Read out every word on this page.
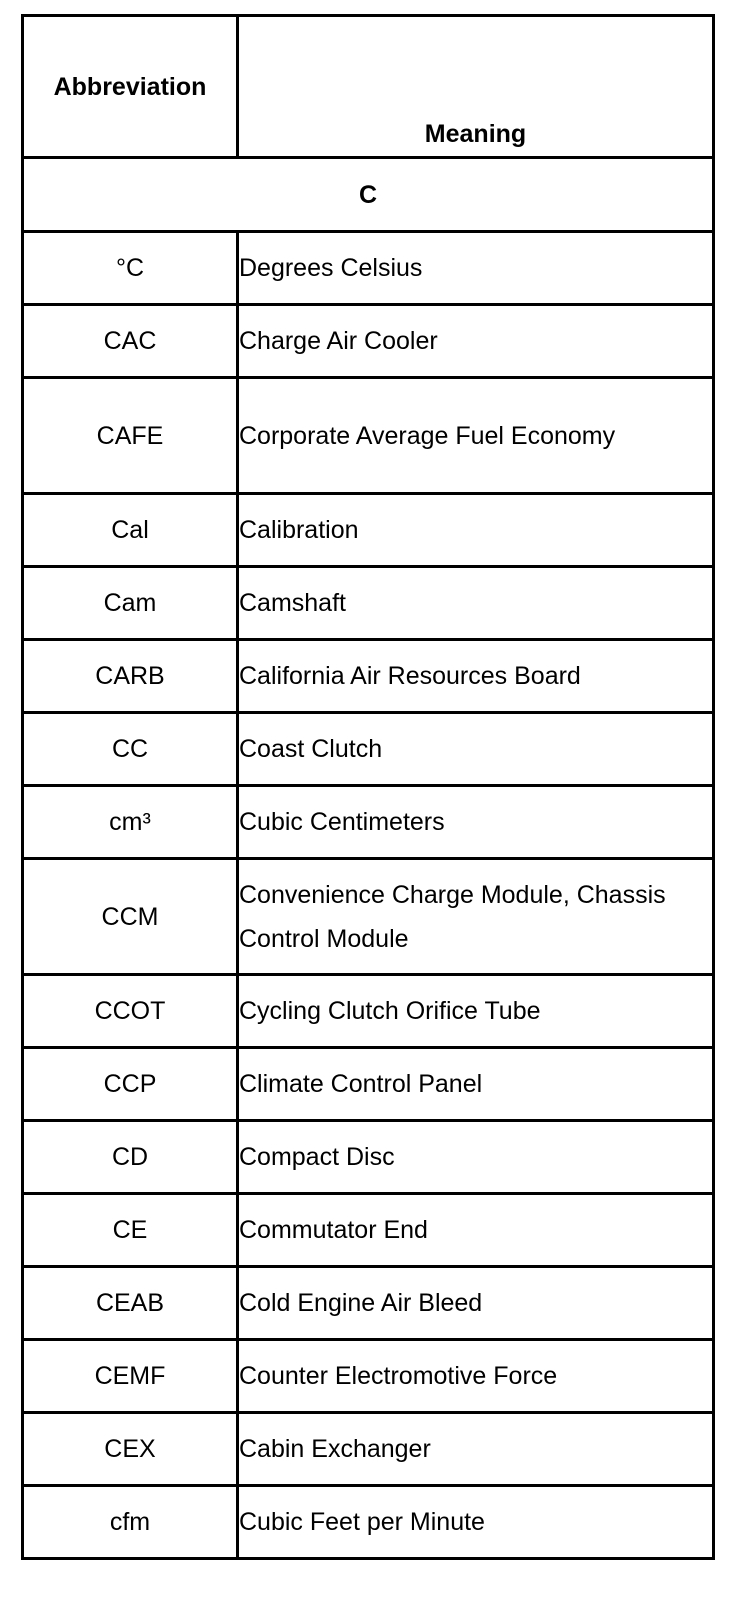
Abbreviation	Meaning
C	
°C	Degrees Celsius
CAC	Charge Air Cooler
CAFE	Corporate Average Fuel Economy
Cal	Calibration
Cam	Camshaft
CARB	California Air Resources Board
CC	Coast Clutch
cm³	Cubic Centimeters
CCM	Convenience Charge Module, Chassis Control Module
CCOT	Cycling Clutch Orifice Tube
CCP	Climate Control Panel
CD	Compact Disc
CE	Commutator End
CEAB	Cold Engine Air Bleed
CEMF	Counter Electromotive Force
CEX	Cabin Exchanger
cfm	Cubic Feet per Minute
